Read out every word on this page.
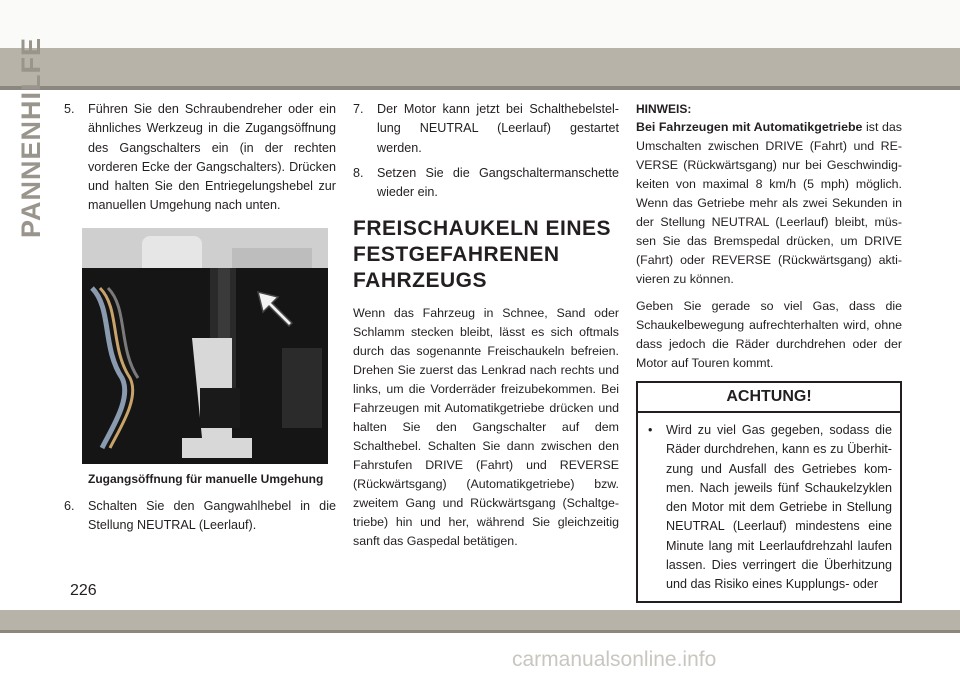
PANNENHILFE 5. Führen Sie den Schraubendreher oder ein ähnliches Werkzeug in die Zugangsöffnung des Gangschalters ein (in der rechten vorderen Ecke der Gangschalters). Drücken und halten Sie den Entriegelungshebel zur manuellen Umgehung nach unten.
Zugangsöffnung für manuelle Umgehung
6. Schalten Sie den Gangwahlhebel in die Stellung NEUTRAL (Leerlauf).
7. Der Motor kann jetzt bei Schalthebelstellung NEUTRAL (Leerlauf) gestartet werden.
8. Setzen Sie die Gangschaltermanschette wieder ein.
FREISCHAUKELN EINES FESTGEFAHRENEN FAHRZEUGS
Wenn das Fahrzeug in Schnee, Sand oder Schlamm stecken bleibt, lässt es sich oftmals durch das sogenannte Freischaukeln befreien. Drehen Sie zuerst das Lenkrad nach rechts und links, um die Vorderräder freizubekommen. Bei Fahrzeugen mit Automatikgetriebe drücken und halten Sie den Gangschalter auf dem Schalthebel. Schalten Sie dann zwischen den Fahrstufen DRIVE (Fahrt) und REVERSE (Rückwärtsgang) (Automatikgetriebe) bzw. zweitem Gang und Rückwärtsgang (Schaltgetriebe) hin und her, während Sie gleichzeitig sanft das Gaspedal betätigen.
HINWEIS:
Bei Fahrzeugen mit Automatikgetriebe ist das Umschalten zwischen DRIVE (Fahrt) und REVERSE (Rückwärtsgang) nur bei Geschwindigkeiten von maximal 8 km/h (5 mph) möglich. Wenn das Getriebe mehr als zwei Sekunden in der Stellung NEUTRAL (Leerlauf) bleibt, müssen Sie das Bremspedal drücken, um DRIVE (Fahrt) oder REVERSE (Rückwärtsgang) aktivieren zu können.
Geben Sie gerade so viel Gas, dass die Schaukelbewegung aufrechterhalten wird, ohne dass jedoch die Räder durchdrehen oder der Motor auf Touren kommt.
ACHTUNG!
• Wird zu viel Gas gegeben, sodass die Räder durchdrehen, kann es zu Überhitzung und Ausfall des Getriebes kommen. Nach jeweils fünf Schaukelzyklen den Motor mit dem Getriebe in Stellung NEUTRAL (Leerlauf) mindestens eine Minute lang mit Leerlaufdrehzahl laufen lassen. Dies verringert die Überhitzung und das Risiko eines Kupplungs- oder
226
carmanualsonline.info
